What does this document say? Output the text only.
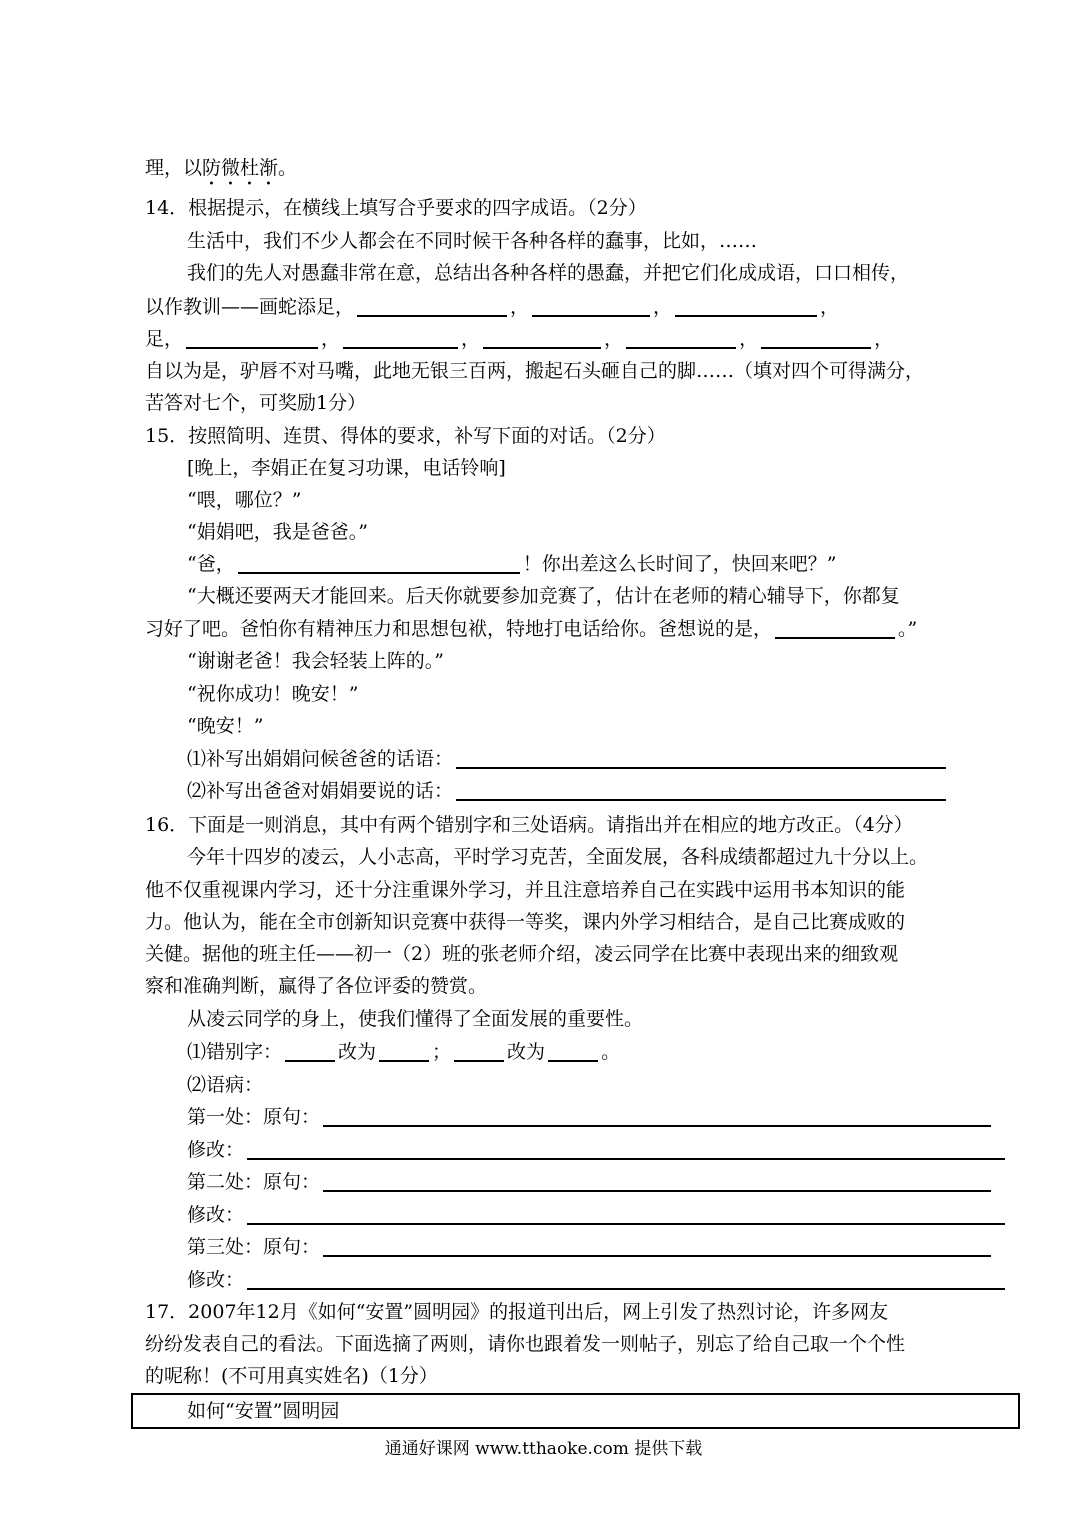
理，以防微杜渐。
14．根据提示，在横线上填写合乎要求的四字成语。（2分）
生活中，我们不少人都会在不同时候干各种各样的蠢事，比如，……
我们的先人对愚蠢非常在意，总结出各种各样的愚蠢，并把它们化成成语，口口相传，
以作教训——画蛇添足，	，	，	，
足，	，	，	，	，	，
自以为是，驴唇不对马嘴，此地无银三百两，搬起石头砸自己的脚……（填对四个可得满分，
苦答对七个，可奖励1分）
15．按照简明、连贯、得体的要求，补写下面的对话。（2分）
[晚上，李娟正在复习功课，电话铃响]
“喂，哪位？”
“娟娟吧，我是爸爸。”
“爸，	！你出差这么长时间了，快回来吧？”
“大概还要两天才能回来。后天你就要参加竞赛了，估计在老师的精心辅导下，你都复
习好了吧。爸怕你有精神压力和思想包袱，特地打电话给你。爸想说的是，	。”
“谢谢老爸！我会轻装上阵的。”
“祝你成功！晚安！”
“晚安！”
⑴补写出娟娟问候爸爸的话语：
⑵补写出爸爸对娟娟要说的话：
16．下面是一则消息，其中有两个错别字和三处语病。请指出并在相应的地方改正。（4分）
今年十四岁的凌云，人小志高，平时学习克苦，全面发展，各科成绩都超过九十分以上。
他不仅重视课内学习，还十分注重课外学习，并且注意培养自己在实践中运用书本知识的能
力。他认为，能在全市创新知识竞赛中获得一等奖，课内外学习相结合，是自己比赛成败的
关健。据他的班主任——初一（2）班的张老师介绍，凌云同学在比赛中表现出来的细致观
察和准确判断，赢得了各位评委的赞赏。
从凌云同学的身上，使我们懂得了全面发展的重要性。
⑴错别字：	改为	；	改为	。
⑵语病：
第一处：原句：
修改：
第二处：原句：
修改：
第三处：原句：
修改：
17．2007年12月《如何“安置”圆明园》的报道刊出后，网上引发了热烈讨论，许多网友
纷纷发表自己的看法。下面选摘了两则，请你也跟着发一则帖子，别忘了给自己取一个个性
的呢称！(不可用真实姓名)（1分）
如何“安置”圆明园
通通好课网 www.tthaoke.com 提供下载
